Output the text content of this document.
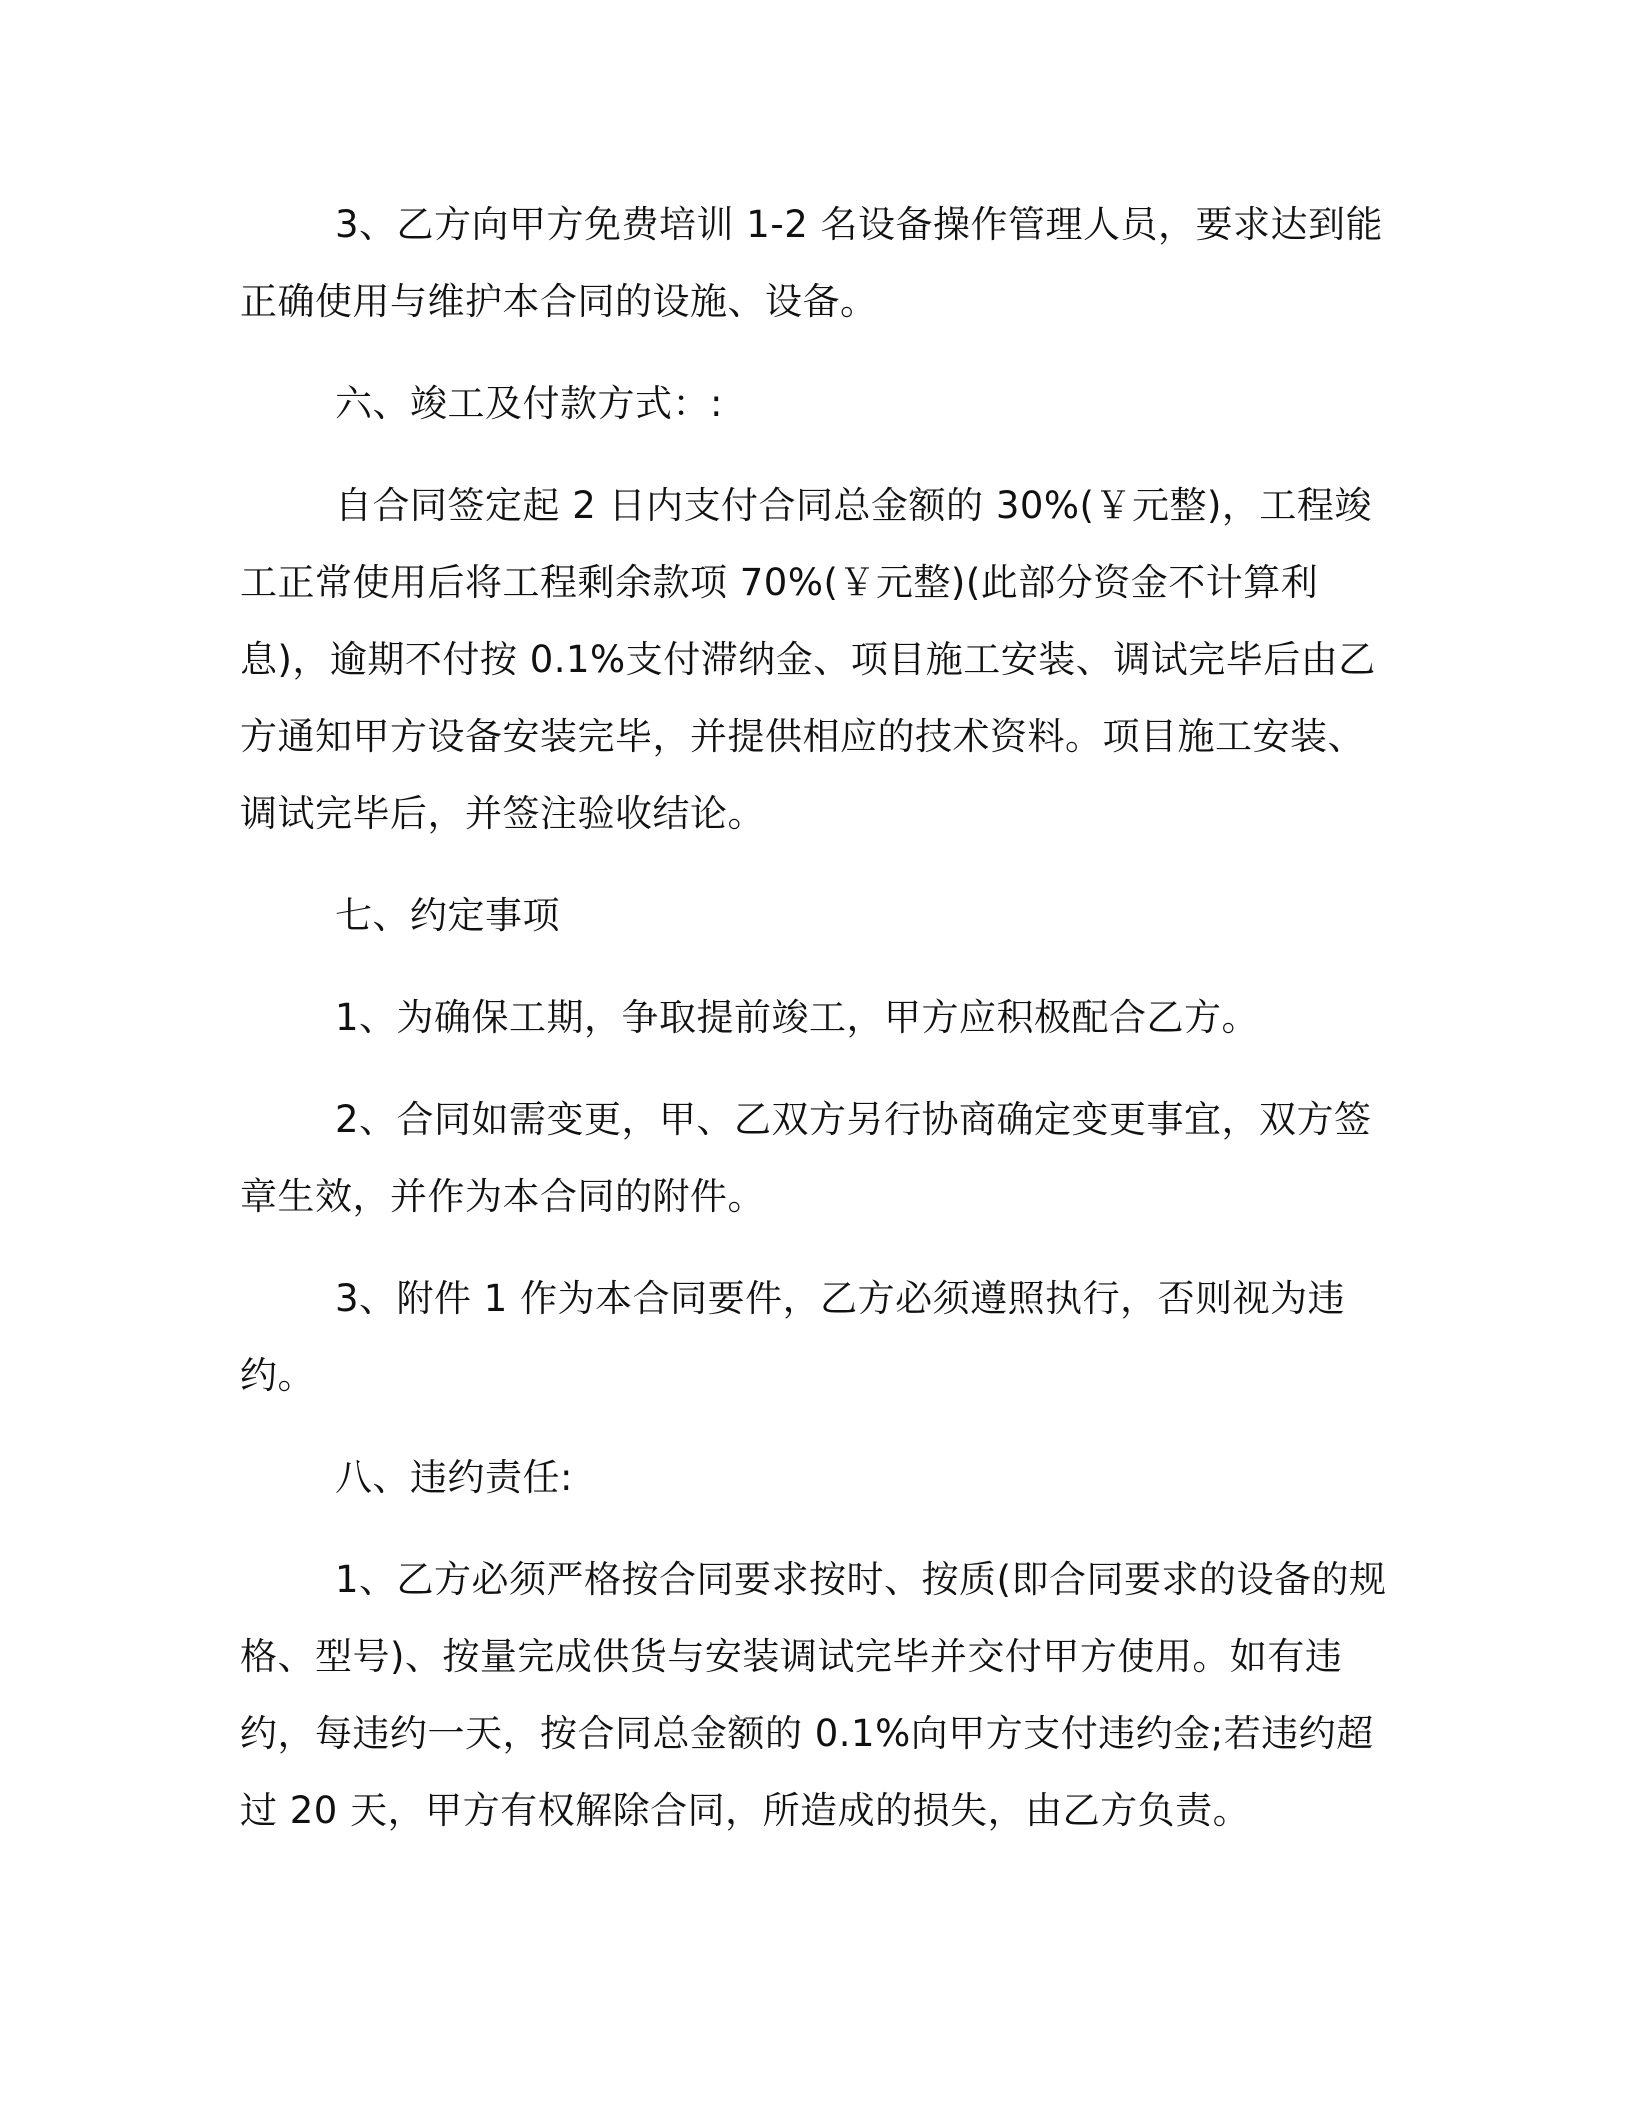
3、乙方向甲方免费培训 1-2 名设备操作管理人员，要求达到能正确使用与维护本合同的设施、设备。

六、竣工及付款方式：:

自合同签定起 2 日内支付合同总金额的 30%(￥元整)，工程竣工正常使用后将工程剩余款项 70%(￥元整)(此部分资金不计算利息)，逾期不付按 0.1%支付滞纳金、项目施工安装、调试完毕后由乙方通知甲方设备安装完毕，并提供相应的技术资料。项目施工安装、调试完毕后，并签注验收结论。

七、约定事项

1、为确保工期，争取提前竣工，甲方应积极配合乙方。

2、合同如需变更，甲、乙双方另行协商确定变更事宜，双方签章生效，并作为本合同的附件。

3、附件 1 作为本合同要件，乙方必须遵照执行，否则视为违约。

八、违约责任:

1、乙方必须严格按合同要求按时、按质(即合同要求的设备的规格、型号)、按量完成供货与安装调试完毕并交付甲方使用。如有违约，每违约一天，按合同总金额的 0.1%向甲方支付违约金;若违约超过 20 天，甲方有权解除合同，所造成的损失，由乙方负责。
